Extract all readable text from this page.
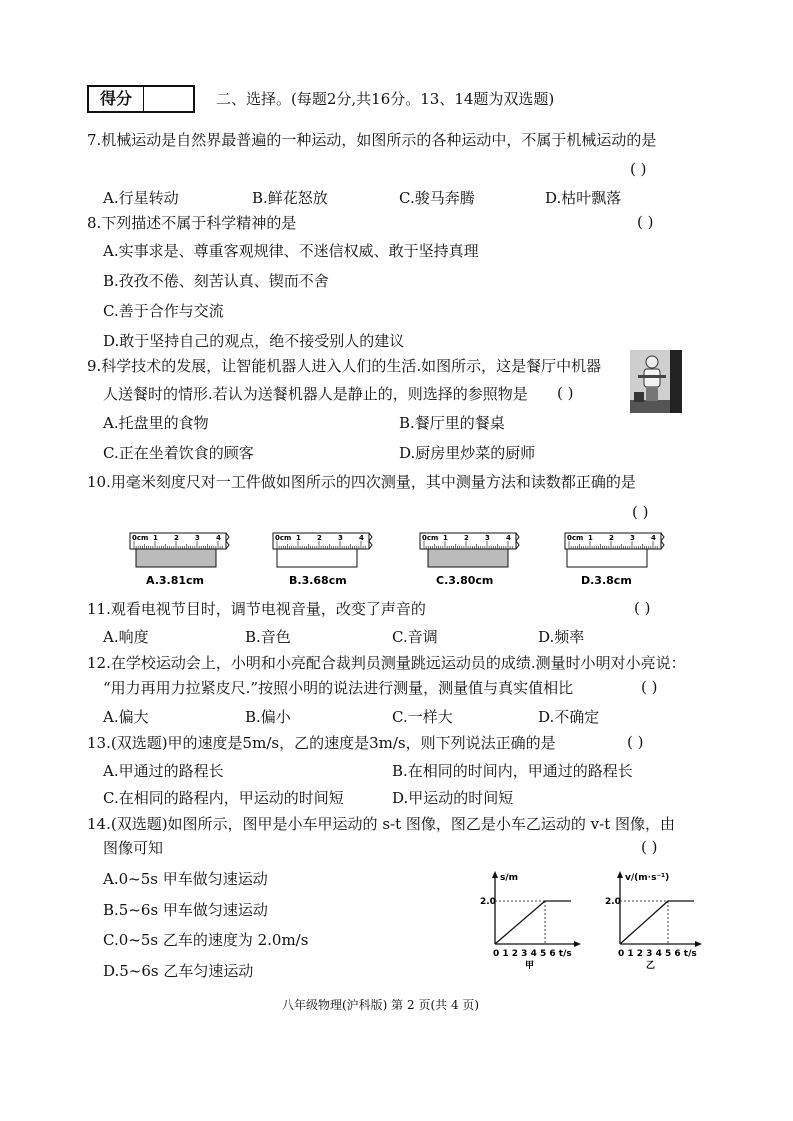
得分	二、选择。(每题2分,共16分。13、14题为双选题)
7.机械运动是自然界最普遍的一种运动，如图所示的各种运动中，不属于机械运动的是
( )
A.行星转动	B.鲜花怒放	C.骏马奔腾	D.枯叶飘落
8.下列描述不属于科学精神的是	( )
A.实事求是、尊重客观规律、不迷信权威、敢于坚持真理
B.孜孜不倦、刻苦认真、锲而不舍
C.善于合作与交流
D.敢于坚持自己的观点，绝不接受别人的建议
9.科学技术的发展，让智能机器人进入人们的生活.如图所示，这是餐厅中机器
人送餐时的情形.若认为送餐机器人是静止的，则选择的参照物是 ( )
A.托盘里的食物	B.餐厅里的餐桌
C.正在坐着饮食的顾客	D.厨房里炒菜的厨师
10.用毫米刻度尺对一工件做如图所示的四次测量，其中测量方法和读数都正确的是
( )
0cm 1 2 3 4
A.3.81cm
0cm 1 2 3 4
B.3.68cm
0cm 1 2 3 4
C.3.80cm
0cm 1 2 3 4
D.3.8cm
11.观看电视节目时，调节电视音量，改变了声音的	( )
A.响度	B.音色	C.音调	D.频率
12.在学校运动会上，小明和小亮配合裁判员测量跳远运动员的成绩.测量时小明对小亮说：
“用力再用力拉紧皮尺.”按照小明的说法进行测量，测量值与真实值相比	( )
A.偏大	B.偏小	C.一样大	D.不确定
13.(双选题)甲的速度是5m/s，乙的速度是3m/s，则下列说法正确的是	( )
A.甲通过的路程长	B.在相同的时间内，甲通过的路程长
C.在相同的路程内，甲运动的时间短	D.甲运动的时间短
14.(双选题)如图所示，图甲是小车甲运动的 s-t 图像，图乙是小车乙运动的 v-t 图像，由
图像可知	( )
A.0~5s 甲车做匀速运动
B.5~6s 甲车做匀速运动
C.0~5s 乙车的速度为 2.0m/s
D.5~6s 乙车匀速运动
s/m
2.0
0 1 2 3 4 5 6 t/s
甲
v/(m·s⁻¹)
2.0
0 1 2 3 4 5 6 t/s
乙
八年级物理(沪科版) 第 2 页(共 4 页)
